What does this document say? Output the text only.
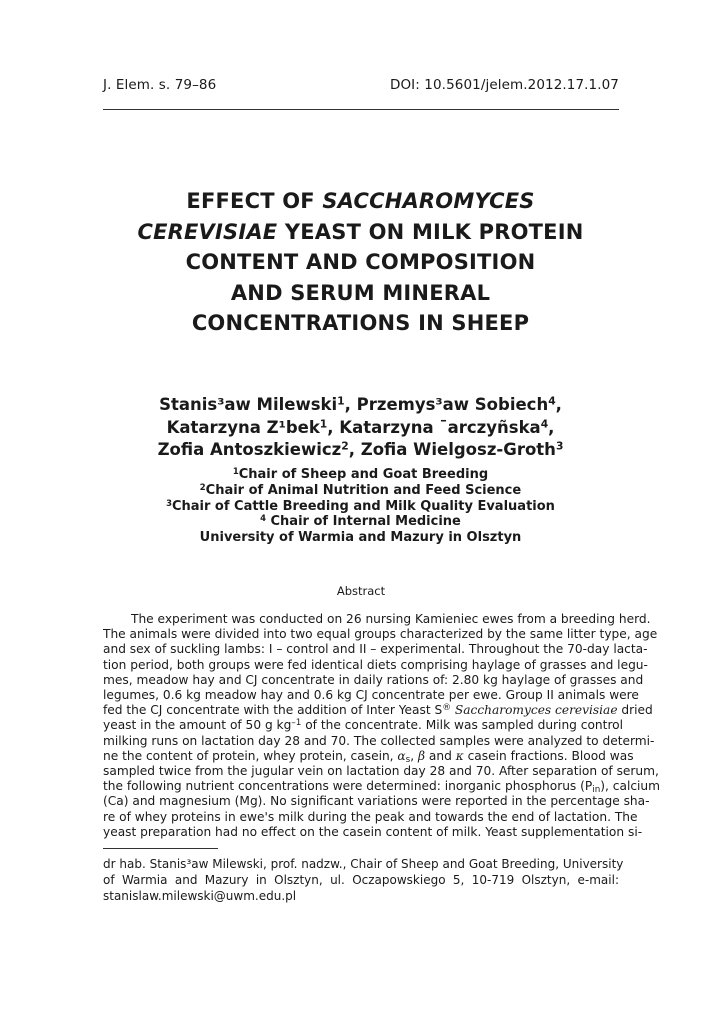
J. Elem. s. 79–86	DOI: 10.5601/jelem.2012.17.1.07
EFFECT OF SACCHAROMYCES
CEREVISIAE YEAST ON MILK PROTEIN
CONTENT AND COMPOSITION
AND SERUM MINERAL
CONCENTRATIONS IN SHEEP
Stanis³aw Milewski$^1$, Przemys³aw Sobiech$^4$,
Katarzyna Z¹bek$^1$, Katarzyna ¯arczyñska$^4$,
Zofia Antoszkiewicz$^2$, Zofia Wielgosz-Groth$^3$
$^1$Chair of Sheep and Goat Breeding
$^2$Chair of Animal Nutrition and Feed Science
$^3$Chair of Cattle Breeding and Milk Quality Evaluation
$^4$ Chair of Internal Medicine
University of Warmia and Mazury in Olsztyn
Abstract
The experiment was conducted on 26 nursing Kamieniec ewes from a breeding herd.
The animals were divided into two equal groups characterized by the same litter type, age
and sex of suckling lambs: I – control and II – experimental. Throughout the 70-day lacta-
tion period, both groups were fed identical diets comprising haylage of grasses and legu-
mes, meadow hay and CJ concentrate in daily rations of: 2.80 kg haylage of grasses and
legumes, 0.6 kg meadow hay and 0.6 kg CJ concentrate per ewe. Group II animals were
fed the CJ concentrate with the addition of Inter Yeast S® Saccharomyces cerevisiae dried
yeast in the amount of 50 g $kg^{-1}$ of the concentrate. Milk was sampled during control
milking runs on lactation day 28 and 70. The collected samples were analyzed to determi-
ne the content of protein, whey protein, casein, $\alpha_s$, β and κ casein fractions. Blood was
sampled twice from the jugular vein on lactation day 28 and 70. After separation of serum,
the following nutrient concentrations were determined: inorganic phosphorus $(P_{in})$, calcium
(Ca) and magnesium (Mg). No significant variations were reported in the percentage sha-
re of whey proteins in ewe's milk during the peak and towards the end of lactation. The
yeast preparation had no effect on the casein content of milk. Yeast supplementation si-
dr hab. Stanis³aw Milewski, prof. nadzw., Chair of Sheep and Goat Breeding, University
of Warmia and Mazury in Olsztyn, ul. Oczapowskiego 5, 10-719 Olsztyn, e-mail:
stanislaw.milewski@uwm.edu.pl
